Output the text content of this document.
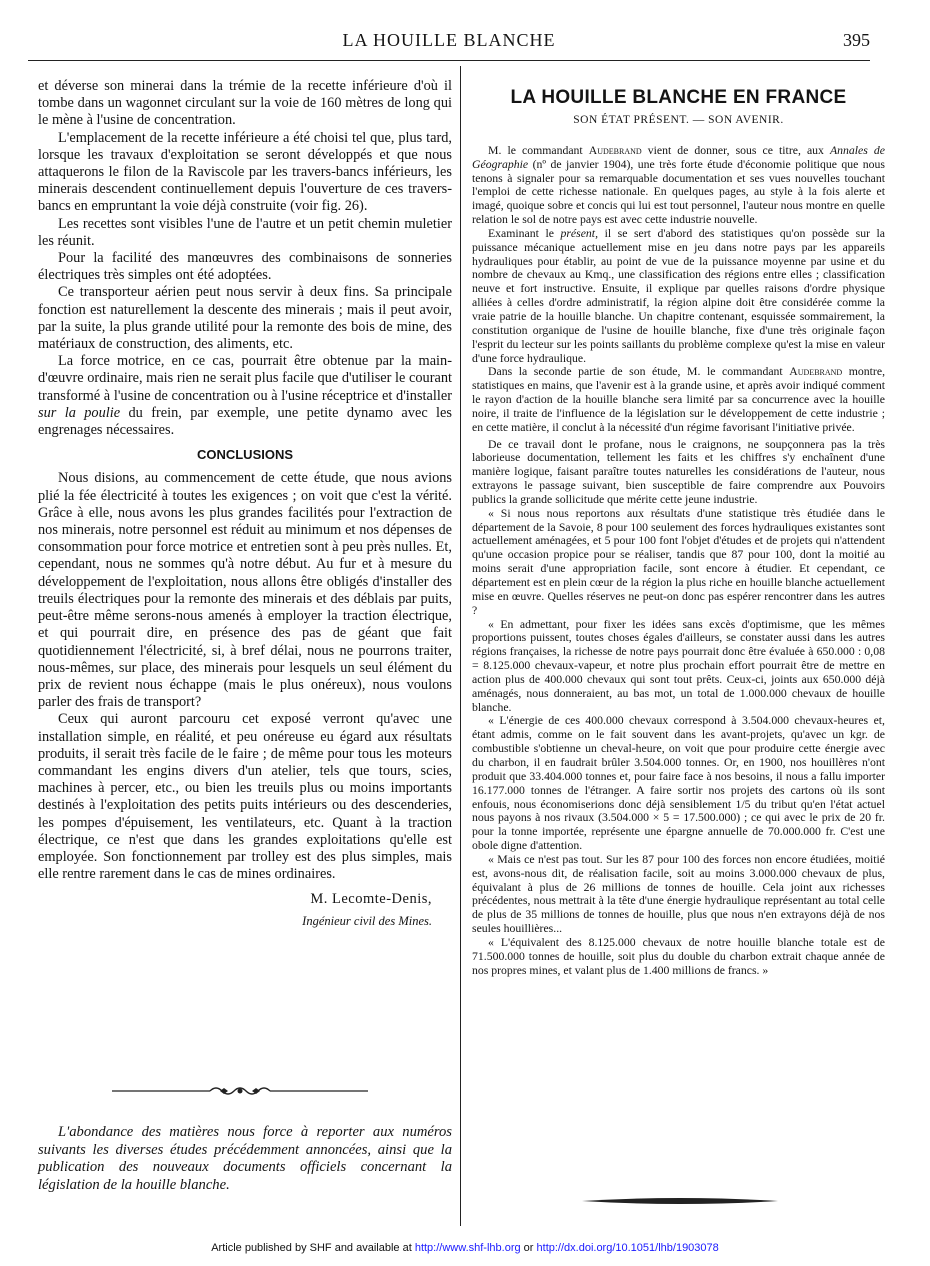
LA HOUILLE BLANCHE	395

et déverse son minerai dans la trémie de la recette inférieure d'où il tombe dans un wagonnet circulant sur la voie de 160 mètres de long qui le mène à l'usine de concentration.

L'emplacement de la recette inférieure a été choisi tel que, plus tard, lorsque les travaux d'exploitation se seront développés et que nous attaquerons le filon de la Raviscole par les travers-bancs inférieurs, les minerais descendent continuellement depuis l'ouverture de ces travers-bancs en empruntant la voie déjà construite (voir fig. 26).

Les recettes sont visibles l'une de l'autre et un petit chemin muletier les réunit.

Pour la facilité des manœuvres des combinaisons de sonneries électriques très simples ont été adoptées.

Ce transporteur aérien peut nous servir à deux fins. Sa principale fonction est naturellement la descente des minerais ; mais il peut avoir, par la suite, la plus grande utilité pour la remonte des bois de mine, des matériaux de construction, des aliments, etc.

La force motrice, en ce cas, pourrait être obtenue par la main-d'œuvre ordinaire, mais rien ne serait plus facile que d'utiliser le courant transformé à l'usine de concentration ou à l'usine réceptrice et d'installer sur la poulie du frein, par exemple, une petite dynamo avec les engrenages nécessaires.

CONCLUSIONS

Nous disions, au commencement de cette étude, que nous avions plié la fée électricité à toutes les exigences ; on voit que c'est la vérité. Grâce à elle, nous avons les plus grandes facilités pour l'extraction de nos minerais, notre personnel est réduit au minimum et nos dépenses de consommation pour force motrice et entretien sont à peu près nulles. Et, cependant, nous ne sommes qu'à notre début. Au fur et à mesure du développement de l'exploitation, nous allons être obligés d'installer des treuils électriques pour la remonte des minerais et des déblais par puits, peut-être même serons-nous amenés à employer la traction électrique, et qui pourrait dire, en présence des pas de géant que fait quotidiennement l'électricité, si, à bref délai, nous ne pourrons traiter, nous-mêmes, sur place, des minerais pour lesquels un seul élément du prix de revient nous échappe (mais le plus onéreux), nous voulons parler des frais de transport?

Ceux qui auront parcouru cet exposé verront qu'avec une installation simple, en réalité, et peu onéreuse eu égard aux résultats produits, il serait très facile de le faire ; de même pour tous les moteurs commandant les engins divers d'un atelier, tels que tours, scies, machines à percer, etc., ou bien les treuils plus ou moins importants destinés à l'exploitation des petits puits intérieurs ou des descenderies, les pompes d'épuisement, les ventilateurs, etc. Quant à la traction électrique, ce n'est que dans les grandes exploitations qu'elle est employée. Son fonctionnement par trolley est des plus simples, mais elle rentre rarement dans le cas de mines ordinaires.

M. Lecomte-Denis,

Ingénieur civil des Mines.

L'abondance des matières nous force à reporter aux numéros suivants les diverses études précédemment annoncées, ainsi que la publication des nouveaux documents officiels concernant la législation de la houille blanche.
LA HOUILLE BLANCHE EN FRANCE
SON ÉTAT PRÉSENT. — SON AVENIR.

M. le commandant Audebrand vient de donner, sous ce titre, aux Annales de Géographie (nº de janvier 1904), une très forte étude d'économie politique que nous tenons à signaler pour sa remarquable documentation et ses vues nouvelles touchant l'emploi de cette richesse nationale. En quelques pages, au style à la fois alerte et imagé, quoique sobre et concis qui lui est tout personnel, l'auteur nous montre en quelle relation le sol de notre pays est avec cette industrie nouvelle.

Examinant le présent, il se sert d'abord des statistiques qu'on possède sur la puissance mécanique actuellement mise en jeu dans notre pays par les appareils hydrauliques pour établir, au point de vue de la puissance moyenne par usine et du nombre de chevaux au Kmq., une classification des régions entre elles ; classification neuve et fort instructive. Ensuite, il explique par quelles raisons d'ordre physique alliées à celles d'ordre administratif, la région alpine doit être considérée comme la vraie patrie de la houille blanche. Un chapitre contenant, esquissée sommairement, la constitution organique de l'usine de houille blanche, fixe d'une très originale façon l'esprit du lecteur sur les points saillants du problème complexe qu'est la mise en valeur d'une force hydraulique.

Dans la seconde partie de son étude, M. le commandant Audebrand montre, statistiques en mains, que l'avenir est à la grande usine, et après avoir indiqué comment le rayon d'action de la houille blanche sera limité par sa concurrence avec la houille noire, il traite de l'influence de la législation sur le développement de cette industrie ; en cette matière, il conclut à la nécessité d'un régime favorisant l'initiative privée.

De ce travail dont le profane, nous le craignons, ne soupçonnera pas la très laborieuse documentation, tellement les faits et les chiffres s'y enchaînent d'une manière logique, faisant paraître toutes naturelles les considérations de l'auteur, nous extrayons le passage suivant, bien susceptible de faire comprendre aux Pouvoirs publics la grande sollicitude que mérite cette jeune industrie.

« Si nous nous reportons aux résultats d'une statistique très étudiée dans le département de la Savoie, 8 pour 100 seulement des forces hydrauliques existantes sont actuellement aménagées, et 5 pour 100 font l'objet d'études et de projets qui n'attendent qu'une occasion propice pour se réaliser, tandis que 87 pour 100, dont la moitié au moins serait d'une appropriation facile, sont encore à étudier. Et cependant, ce département est en plein cœur de la région la plus riche en houille blanche actuellement mise en œuvre. Quelles réserves ne peut-on donc pas espérer rencontrer dans les autres ?

« En admettant, pour fixer les idées sans excès d'optimisme, que les mêmes proportions puissent, toutes choses égales d'ailleurs, se constater aussi dans les autres régions françaises, la richesse de notre pays pourrait donc être évaluée à 650.000 : 0,08 = 8.125.000 chevaux-vapeur, et notre plus prochain effort pourrait être de mettre en action plus de 400.000 chevaux qui sont tout prêts. Ceux-ci, joints aux 650.000 déjà aménagés, nous donneraient, au bas mot, un total de 1.000.000 chevaux de houille blanche.

« L'énergie de ces 400.000 chevaux correspond à 3.504.000 chevaux-heures et, étant admis, comme on le fait souvent dans les avant-projets, qu'avec un kgr. de combustible s'obtienne un cheval-heure, on voit que pour produire cette énergie avec du charbon, il en faudrait brûler 3.504.000 tonnes. Or, en 1900, nos houillères n'ont produit que 33.404.000 tonnes et, pour faire face à nos besoins, il nous a fallu importer 16.177.000 tonnes de l'étranger. A faire sortir nos projets des cartons où ils sont enfouis, nous économiserions donc déjà sensiblement 1/5 du tribut qu'en l'état actuel nous payons à nos rivaux (3.504.000 × 5 = 17.500.000) ; ce qui avec le prix de 20 fr. pour la tonne importée, représente une épargne annuelle de 70.000.000 fr. C'est une obole digne d'attention.

« Mais ce n'est pas tout. Sur les 87 pour 100 des forces non encore étudiées, moitié est, avons-nous dit, de réalisation facile, soit au moins 3.000.000 chevaux de plus, équivalant à plus de 26 millions de tonnes de houille. Cela joint aux richesses précédentes, nous mettrait à la tête d'une énergie hydraulique représentant au total celle de plus de 35 millions de tonnes de houille, plus que nous n'en extrayons déjà de nos seules houillières...

« L'équivalent des 8.125.000 chevaux de notre houille blanche totale est de 71.500.000 tonnes de houille, soit plus du double du charbon extrait chaque année de nos propres mines, et valant plus de 1.400 millions de francs. »

Article published by SHF and available at http://www.shf-lhb.org or http://dx.doi.org/10.1051/lhb/1903078
